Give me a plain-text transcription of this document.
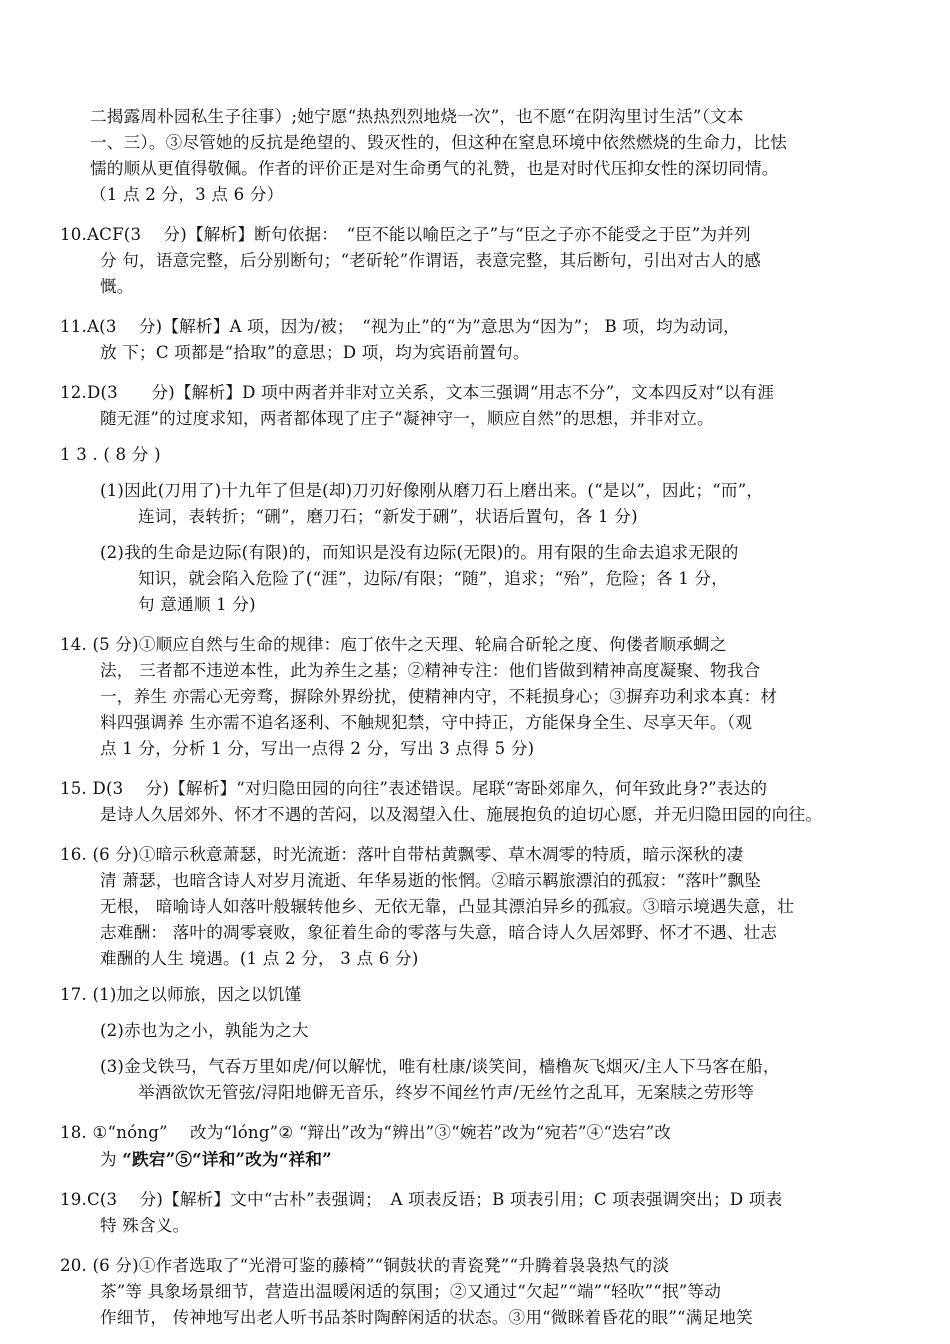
二揭露周朴园私生子往事）;她宁愿“热热烈烈地烧一次”，也不愿“在阴沟里讨生活”（文本
一、三）。③尽管她的反抗是绝望的、毁灭性的，但这种在窒息环境中依然燃烧的生命力，比怯
懦的顺从更值得敬佩。作者的评价正是对生命勇气的礼赞，也是对时代压抑女性的深切同情。
（1 点 2 分，3 点 6 分）
10.ACF(3　 分)【解析】断句依据：　“臣不能以喻臣之子”与“臣之子亦不能受之于臣”为并列
分 句，语意完整，后分别断句；“老斫轮”作谓语，表意完整，其后断句，引出对古人的感
慨。
11.A(3　 分)【解析】A 项，因为/被；　“视为止”的“为”意思为“因为”； B 项，均为动词，
放 下；C 项都是“拾取”的意思；D 项，均为宾语前置句。
12.D(3　　分)【解析】D 项中两者并非对立关系，文本三强调“用志不分”，文本四反对“以有涯
随无涯”的过度求知，两者都体现了庄子“凝神守一，顺应自然”的思想，并非对立。
1 3 . ( 8 分 )
(1)因此(刀用了)十九年了但是(却)刀刃好像刚从磨刀石上磨出来。(“是以”，因此；“而”，
连词，表转折；“硎”，磨刀石；“新发于硎”，状语后置句，各 1 分)
(2)我的生命是边际(有限)的，而知识是没有边际(无限)的。用有限的生命去追求无限的
知识，就会陷入危险了(“涯”，边际/有限；“随”，追求；“殆”，危险；各 1 分，
句 意通顺 1 分)
14. (5 分)①顺应自然与生命的规律：庖丁依牛之天理、轮扁合斫轮之度、佝偻者顺承蜩之
法， 三者都不违逆本性，此为养生之基；②精神专注：他们皆做到精神高度凝聚、物我合
一，养生 亦需心无旁骛，摒除外界纷扰，使精神内守，不耗损身心；③摒弃功利求本真：材
料四强调养 生亦需不追名逐利、不触规犯禁，守中持正，方能保身全生、尽享天年。（观
点 1 分，分析 1 分，写出一点得 2 分，写出 3 点得 5 分)
15. D(3　 分)【解析】“对归隐田园的向往”表述错误。尾联“寄卧郊扉久，何年致此身?”表达的
是诗人久居郊外、怀才不遇的苦闷，以及渴望入仕、施展抱负的迫切心愿，并无归隐田园的向往。
16. (6 分)①暗示秋意萧瑟，时光流逝：落叶自带枯黄飘零、草木凋零的特质，暗示深秋的凄
清 萧瑟，也暗含诗人对岁月流逝、年华易逝的怅惘。②暗示羁旅漂泊的孤寂：“落叶”飘坠
无根， 暗喻诗人如落叶般辗转他乡、无依无靠，凸显其漂泊异乡的孤寂。③暗示境遇失意，壮
志难酬： 落叶的凋零衰败，象征着生命的零落与失意，暗合诗人久居郊野、怀才不遇、壮志
难酬的人生 境遇。(1 点 2 分， 3 点 6 分)
17. (1)加之以师旅，因之以饥馑
(2)赤也为之小，孰能为之大
(3)金戈铁马，气吞万里如虎/何以解忧，唯有杜康/谈笑间，樯橹灰飞烟灭/主人下马客在船，
举酒欲饮无管弦/浔阳地僻无音乐，终岁不闻丝竹声/无丝竹之乱耳，无案牍之劳形等
18. ①“nóng”　 改为“lóng”② “辩出”改为“辨出”③“婉若”改为“宛若”④“迭宕”改
为 “跌宕”⑤“详和”改为“祥和”
19.C(3　 分)【解析】文中“古朴”表强调；　A 项表反语；B 项表引用；C 项表强调突出；D 项表
特 殊含义。
20. (6 分)①作者选取了“光滑可鉴的藤椅”“铜鼓状的青瓷凳”“升腾着袅袅热气的淡
茶”等 具象场景细节，营造出温暖闲适的氛围；②又通过“欠起”“端”“轻吹”“抿”等动
作细节， 传神地写出老人听书品茶时陶醉闲适的状态。③用“微眯着昏花的眼”“满足地笑
